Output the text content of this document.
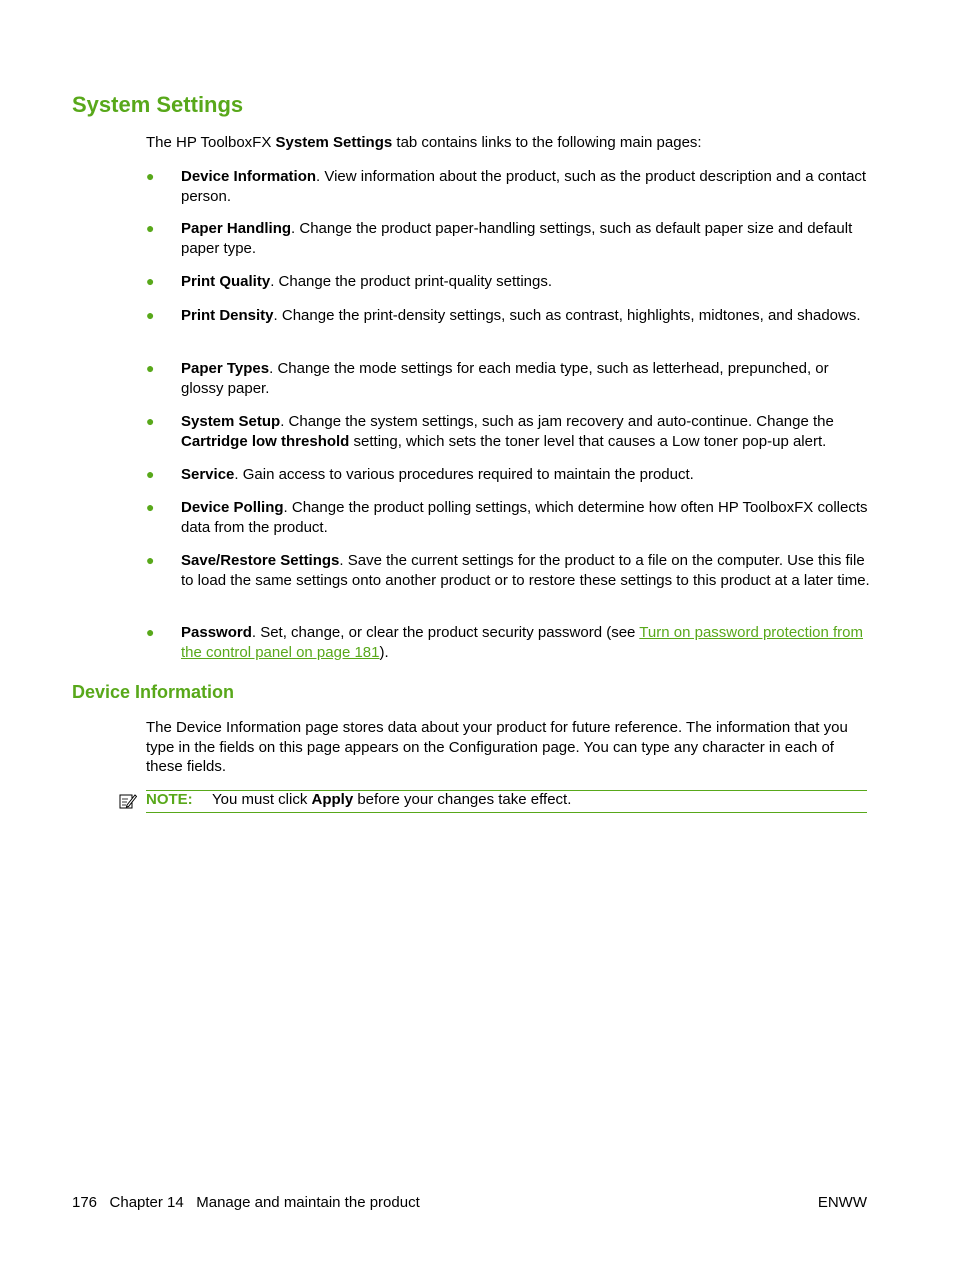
System Settings

The HP ToolboxFX System Settings tab contains links to the following main pages:

● Device Information. View information about the product, such as the product description and a contact person.
● Paper Handling. Change the product paper-handling settings, such as default paper size and default paper type.
● Print Quality. Change the product print-quality settings.
● Print Density. Change the print-density settings, such as contrast, highlights, midtones, and shadows.
● Paper Types. Change the mode settings for each media type, such as letterhead, prepunched, or glossy paper.
● System Setup. Change the system settings, such as jam recovery and auto-continue. Change the Cartridge low threshold setting, which sets the toner level that causes a Low toner pop-up alert.
● Service. Gain access to various procedures required to maintain the product.
● Device Polling. Change the product polling settings, which determine how often HP ToolboxFX collects data from the product.
● Save/Restore Settings. Save the current settings for the product to a file on the computer. Use this file to load the same settings onto another product or to restore these settings to this product at a later time.
● Password. Set, change, or clear the product security password (see Turn on password protection from the control panel on page 181).
Device Information

The Device Information page stores data about your product for future reference. The information that you type in the fields on this page appears on the Configuration page. You can type any character in each of these fields.

NOTE: You must click Apply before your changes take effect.
176   Chapter 14   Manage and maintain the product	ENWW
